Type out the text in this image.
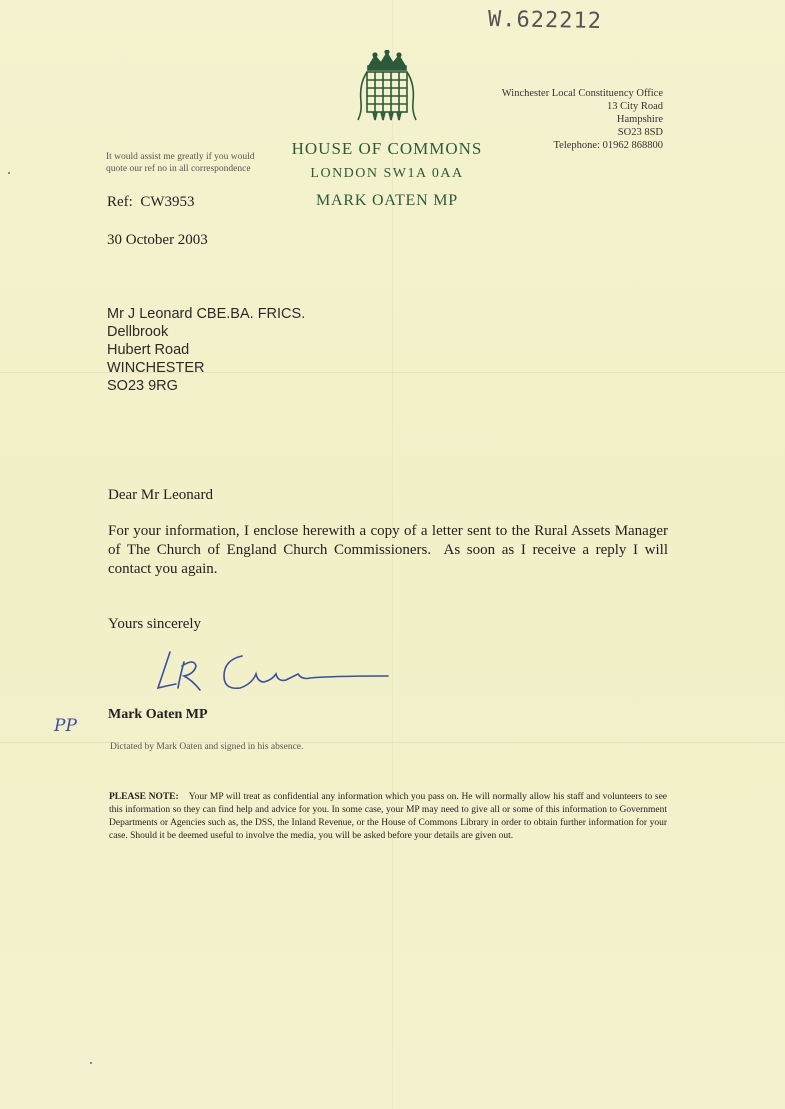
W.622212
HOUSE OF COMMONS
LONDON SW1A 0AA
MARK OATEN MP
Winchester Local Constituency Office
13 City Road
Hampshire
SO23 8SD
Telephone: 01962 868800
It would assist me greatly if you would
quote our ref no in all correspondence
Ref:  CW3953
30 October 2003
Mr J Leonard CBE.BA. FRICS.
Dellbrook
Hubert Road
WINCHESTER
SO23 9RG
Dear Mr Leonard
For your information, I enclose herewith a copy of a letter sent to the Rural Assets Manager of The Church of England Church Commissioners.  As soon as I receive a reply I will contact you again.
Yours sincerely
PP
Mark Oaten MP
Dictated by Mark Oaten and signed in his absence.
PLEASE NOTE: Your MP will treat as confidential any information which you pass on. He will normally allow his staff and volunteers to see this information so they can find help and advice for you. In some case, your MP may need to give all or some of this information to Government Departments or Agencies such as, the DSS, the Inland Revenue, or the House of Commons Library in order to obtain further information for your case. Should it be deemed useful to involve the media, you will be asked before your details are given out.
